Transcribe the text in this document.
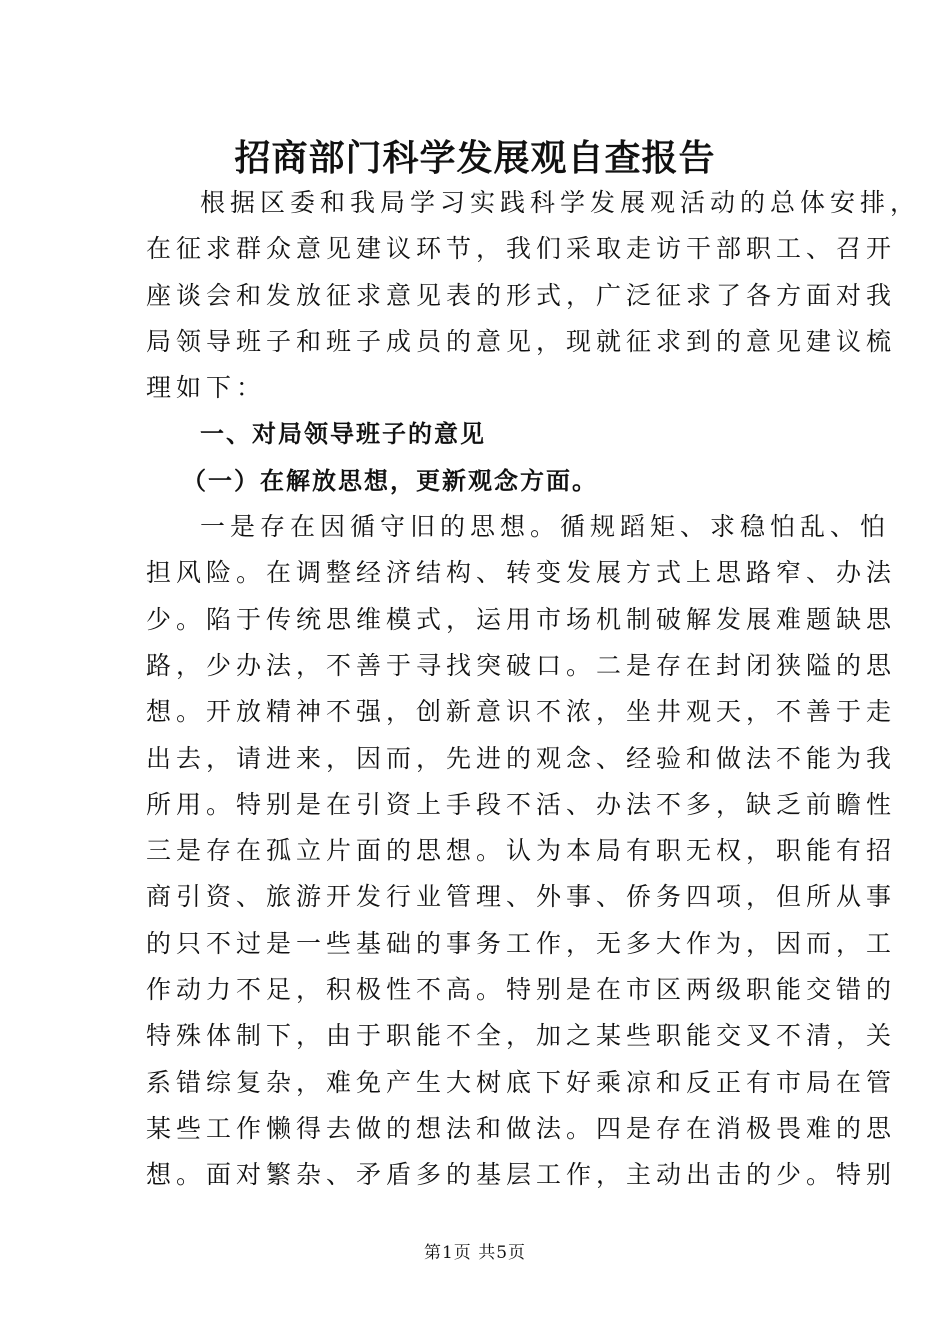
招商部门科学发展观自查报告
根据区委和我局学习实践科学发展观活动的总体安排，
在征求群众意见建议环节，我们采取走访干部职工、召开
座谈会和发放征求意见表的形式，广泛征求了各方面对我
局领导班子和班子成员的意见，现就征求到的意见建议梳
理如下：
一、对局领导班子的意见
（一）在解放思想，更新观念方面。
一是存在因循守旧的思想。循规蹈矩、求稳怕乱、怕
担风险。在调整经济结构、转变发展方式上思路窄、办法
少。陷于传统思维模式，运用市场机制破解发展难题缺思
路，少办法，不善于寻找突破口。二是存在封闭狭隘的思
想。开放精神不强，创新意识不浓，坐井观天，不善于走
出去，请进来，因而，先进的观念、经验和做法不能为我
所用。特别是在引资上手段不活、办法不多，缺乏前瞻性
三是存在孤立片面的思想。认为本局有职无权，职能有招
商引资、旅游开发行业管理、外事、侨务四项，但所从事
的只不过是一些基础的事务工作，无多大作为，因而，工
作动力不足，积极性不高。特别是在市区两级职能交错的
特殊体制下，由于职能不全，加之某些职能交叉不清，关
系错综复杂，难免产生大树底下好乘凉和反正有市局在管
某些工作懒得去做的想法和做法。四是存在消极畏难的思
想。面对繁杂、矛盾多的基层工作，主动出击的少。特别
第1页 共5页
